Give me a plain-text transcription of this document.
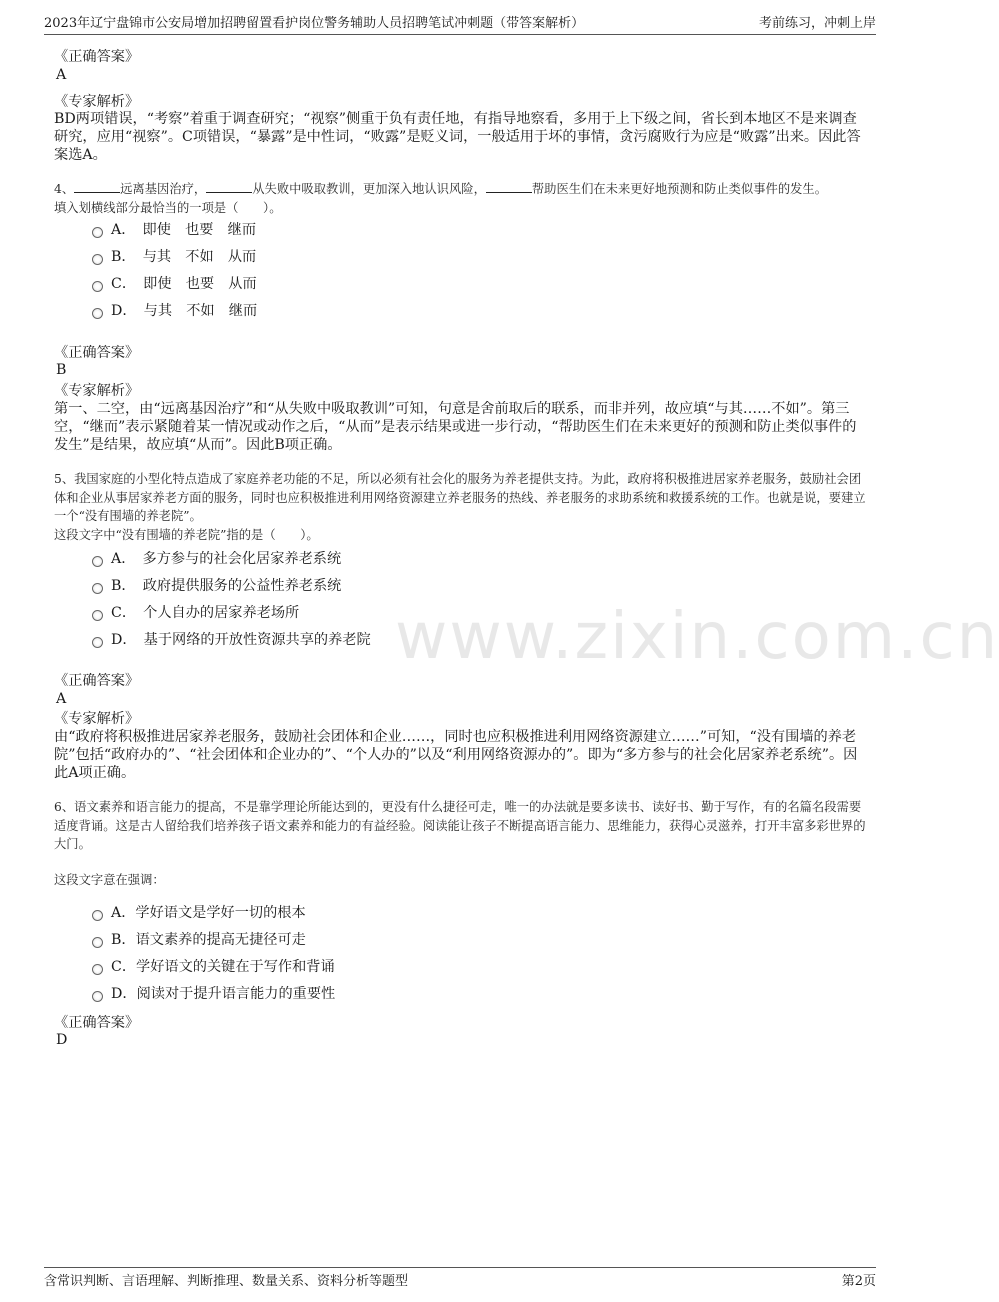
2023年辽宁盘锦市公安局增加招聘留置看护岗位警务辅助人员招聘笔试冲刺题（带答案解析）	考前练习，冲刺上岸
www.zixin.com.cn
《正确答案》
A
《专家解析》
BD两项错误，“考察”着重于调查研究；“视察”侧重于负有责任地，有指导地察看，多用于上下级之间，省长到本地区不是来调查研究，应用“视察”。C项错误，“暴露”是中性词，“败露”是贬义词，一般适用于坏的事情，贪污腐败行为应是“败露”出来。因此答案选A。
4、	远离基因治疗，	从失败中吸取教训，更加深入地认识风险，	帮助医生们在未来更好地预测和防止类似事件的发生。
填入划横线部分最恰当的一项是（　　）。
A．　即使　也要　继而
B．　与其　不如　从而
C．　即使　也要　从而
D．　与其　不如　继而
《正确答案》
B
《专家解析》
第一、二空，由“远离基因治疗”和“从失败中吸取教训”可知，句意是舍前取后的联系，而非并列，故应填“与其……不如”。第三空，“继而”表示紧随着某一情况或动作之后，“从而”是表示结果或进一步行动，“帮助医生们在未来更好的预测和防止类似事件的发生”是结果，故应填“从而”。因此B项正确。
5、我国家庭的小型化特点造成了家庭养老功能的不足，所以必须有社会化的服务为养老提供支持。为此，政府将积极推进居家养老服务，鼓励社会团体和企业从事居家养老方面的服务，同时也应积极推进利用网络资源建立养老服务的热线、养老服务的求助系统和救援系统的工作。也就是说，要建立一个“没有围墙的养老院”。
这段文字中“没有围墙的养老院”指的是（　　）。
A．　多方参与的社会化居家养老系统
B．　政府提供服务的公益性养老系统
C．　个人自办的居家养老场所
D．　基于网络的开放性资源共享的养老院
《正确答案》
A
《专家解析》
由“政府将积极推进居家养老服务，鼓励社会团体和企业……，同时也应积极推进利用网络资源建立……”可知，“没有围墙的养老院”包括“政府办的”、“社会团体和企业办的”、“个人办的”以及“利用网络资源办的”。即为“多方参与的社会化居家养老系统”。因此A项正确。
6、语文素养和语言能力的提高，不是靠学理论所能达到的，更没有什么捷径可走，唯一的办法就是要多读书、读好书、勤于写作，有的名篇名段需要适度背诵。这是古人留给我们培养孩子语文素养和能力的有益经验。阅读能让孩子不断提高语言能力、思维能力，获得心灵滋养，打开丰富多彩世界的大门。
这段文字意在强调：
A．学好语文是学好一切的根本
B．语文素养的提高无捷径可走
C．学好语文的关键在于写作和背诵
D．阅读对于提升语言能力的重要性
《正确答案》
D
含常识判断、言语理解、判断推理、数量关系、资料分析等题型	第2页
